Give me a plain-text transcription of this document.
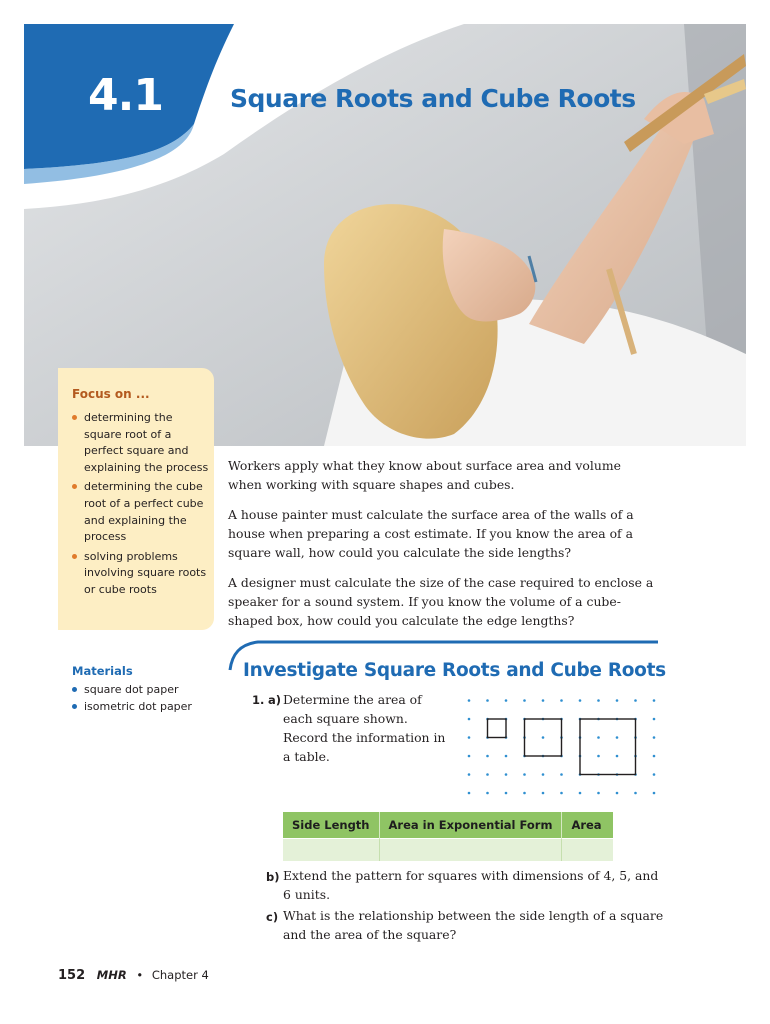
4.1	Square Roots and Cube Roots
Focus on ...
determining the square root of a perfect square and explaining the process
determining the cube root of a perfect cube and explaining the process
solving problems involving square roots or cube roots

Workers apply what they know about surface area and volume when working with square shapes and cubes.

A house painter must calculate the surface area of the walls of a house when preparing a cost estimate. If you know the area of a square wall, how could you calculate the side lengths?

A designer must calculate the size of the case required to enclose a speaker for a sound system. If you know the volume of a cube-shaped box, how could you calculate the edge lengths?

Materials
square dot paper
isometric dot paper
Investigate Square Roots and Cube Roots
1. a) Determine the area of each square shown. Record the information in a table.
Side Length	Area in Exponential Form	Area

b) Extend the pattern for squares with dimensions of 4, 5, and 6 units.
c) What is the relationship between the side length of a square and the area of the square?
152 MHR • Chapter 4
